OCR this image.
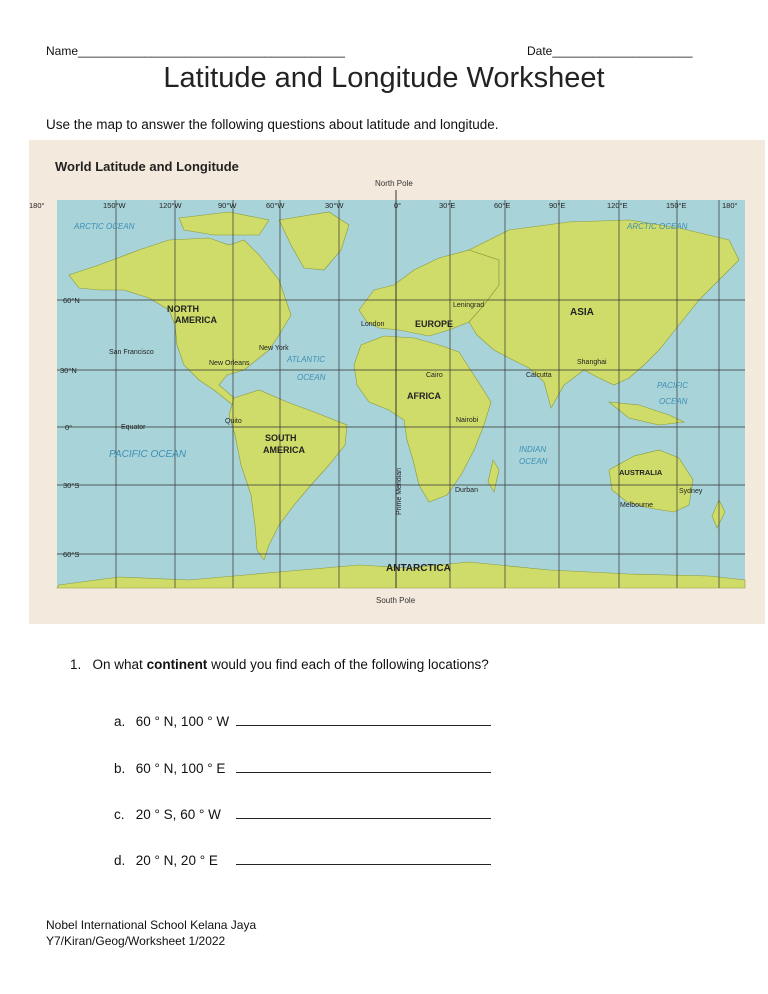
Name________________________________________	Date_____________________
Latitude and Longitude Worksheet
Use the map to answer the following questions about latitude and longitude.
World Latitude and Longitude
North Pole
South Pole
180°	150°W	120°W	90°W	60°W	30°W	0°	30°E	60°E	90°E	120°E	150°E	180°
60°N
30°N
0°
30°S
60°S
ARCTIC OCEAN	ARCTIC OCEAN
ATLANTIC
OCEAN
PACIFIC OCEAN
PACIFIC
OCEAN
INDIAN
OCEAN
NORTH
AMERICA
SOUTH
AMERICA
EUROPE
ASIA
AFRICA
AUSTRALIA
ANTARCTICA
San Francisco
New York
New Orleans
Quito
London
Leningrad
Cairo
Nairobi
Durban
Calcutta
Shanghai
Sydney
Melbourne
Equator
Prime Meridian
1. On what continent would you find each of the following locations?
a. 60 ° N, 100 ° W
b. 60 ° N, 100 ° E
c. 20 ° S, 60 ° W
d. 20 ° N, 20 ° E
Nobel International School Kelana Jaya
Y7/Kiran/Geog/Worksheet 1/2022
